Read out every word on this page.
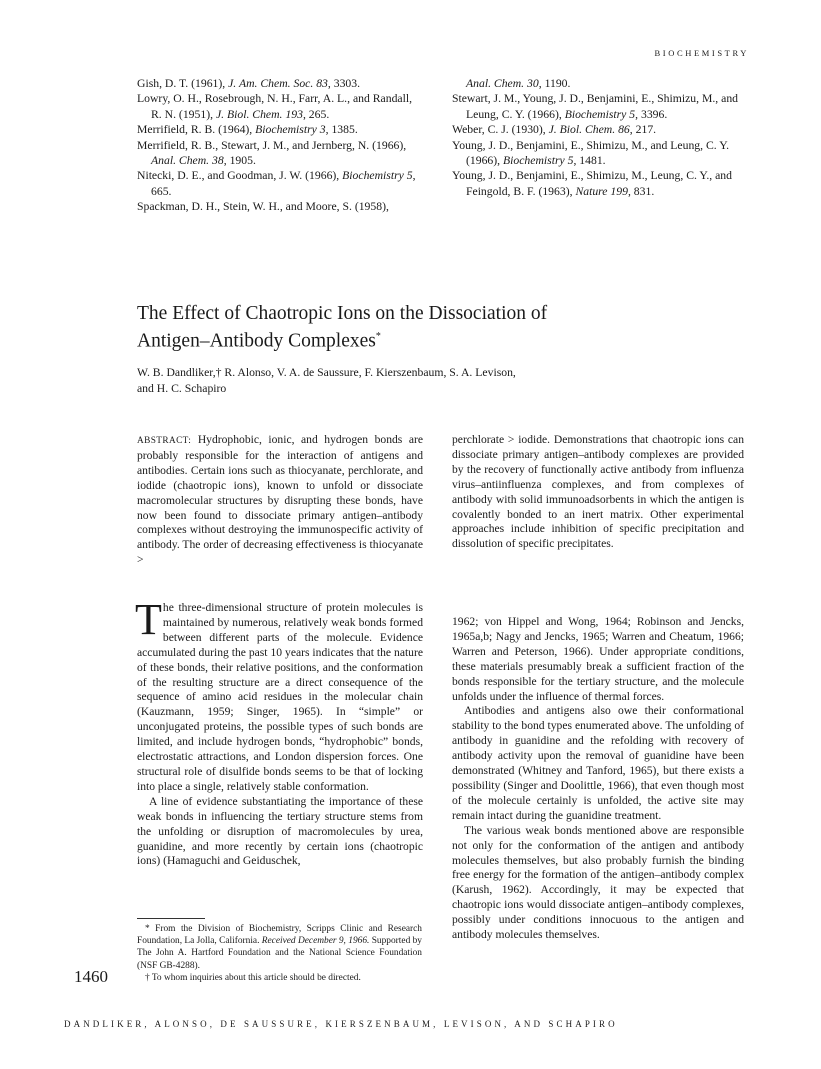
BIOCHEMISTRY

Gish, D. T. (1961), J. Am. Chem. Soc. 83, 3303.

Lowry, O. H., Rosebrough, N. H., Farr, A. L., and Randall, R. N. (1951), J. Biol. Chem. 193, 265.

Merrifield, R. B. (1964), Biochemistry 3, 1385.

Merrifield, R. B., Stewart, J. M., and Jernberg, N. (1966), Anal. Chem. 38, 1905.

Nitecki, D. E., and Goodman, J. W. (1966), Biochemistry 5, 665.

Spackman, D. H., Stein, W. H., and Moore, S. (1958),

Anal. Chem. 30, 1190.

Stewart, J. M., Young, J. D., Benjamini, E., Shimizu, M., and Leung, C. Y. (1966), Biochemistry 5, 3396.

Weber, C. J. (1930), J. Biol. Chem. 86, 217.

Young, J. D., Benjamini, E., Shimizu, M., and Leung, C. Y. (1966), Biochemistry 5, 1481.

Young, J. D., Benjamini, E., Shimizu, M., Leung, C. Y., and Feingold, B. F. (1963), Nature 199, 831.

The Effect of Chaotropic Ions on the Dissociation of
Antigen–Antibody Complexes*
W. B. Dandliker,† R. Alonso, V. A. de Saussure, F. Kierszenbaum, S. A. Levison,
and H. C. Schapiro

ABSTRACT: Hydrophobic, ionic, and hydrogen bonds are probably responsible for the interaction of antigens and antibodies. Certain ions such as thiocyanate, perchlorate, and iodide (chaotropic ions), known to unfold or dissociate macromolecular structures by disrupting these bonds, have now been found to dissociate primary antigen–antibody complexes without destroying the immunospecific activity of antibody. The order of decreasing effectiveness is thiocyanate >

perchlorate > iodide. Demonstrations that chaotropic ions can dissociate primary antigen–antibody complexes are provided by the recovery of functionally active antibody from influenza virus–antiinfluenza complexes, and from complexes of antibody with solid immunoadsorbents in which the antigen is covalently bonded to an inert matrix. Other experimental approaches include inhibition of specific precipitation and dissolution of specific precipitates.

The three-dimensional structure of protein molecules is maintained by numerous, relatively weak bonds formed between different parts of the molecule. Evidence accumulated during the past 10 years indicates that the nature of these bonds, their relative positions, and the conformation of the resulting structure are a direct consequence of the sequence of amino acid residues in the molecular chain (Kauzmann, 1959; Singer, 1965). In “simple” or unconjugated proteins, the possible types of such bonds are limited, and include hydrogen bonds, “hydrophobic” bonds, electrostatic attractions, and London dispersion forces. One structural role of disulfide bonds seems to be that of locking into place a single, relatively stable conformation.

A line of evidence substantiating the importance of these weak bonds in influencing the tertiary structure stems from the unfolding or disruption of macromolecules by urea, guanidine, and more recently by certain ions (chaotropic ions) (Hamaguchi and Geiduschek,

1962; von Hippel and Wong, 1964; Robinson and Jencks, 1965a,b; Nagy and Jencks, 1965; Warren and Cheatum, 1966; Warren and Peterson, 1966). Under appropriate conditions, these materials presumably break a sufficient fraction of the bonds responsible for the tertiary structure, and the molecule unfolds under the influence of thermal forces.

Antibodies and antigens also owe their conformational stability to the bond types enumerated above. The unfolding of antibody in guanidine and the refolding with recovery of antibody activity upon the removal of guanidine have been demonstrated (Whitney and Tanford, 1965), but there exists a possibility (Singer and Doolittle, 1966), that even though most of the molecule certainly is unfolded, the active site may remain intact during the guanidine treatment.

The various weak bonds mentioned above are responsible not only for the conformation of the antigen and antibody molecules themselves, but also probably furnish the binding free energy for the formation of the antigen–antibody complex (Karush, 1962). Accordingly, it may be expected that chaotropic ions would dissociate antigen–antibody complexes, possibly under conditions innocuous to the antigen and antibody molecules themselves.

* From the Division of Biochemistry, Scripps Clinic and Research Foundation, La Jolla, California. Received December 9, 1966. Supported by The John A. Hartford Foundation and the National Science Foundation (NSF GB-4288).

† To whom inquiries about this article should be directed.

1460
DANDLIKER, ALONSO, DE SAUSSURE, KIERSZENBAUM, LEVISON, AND SCHAPIRO
